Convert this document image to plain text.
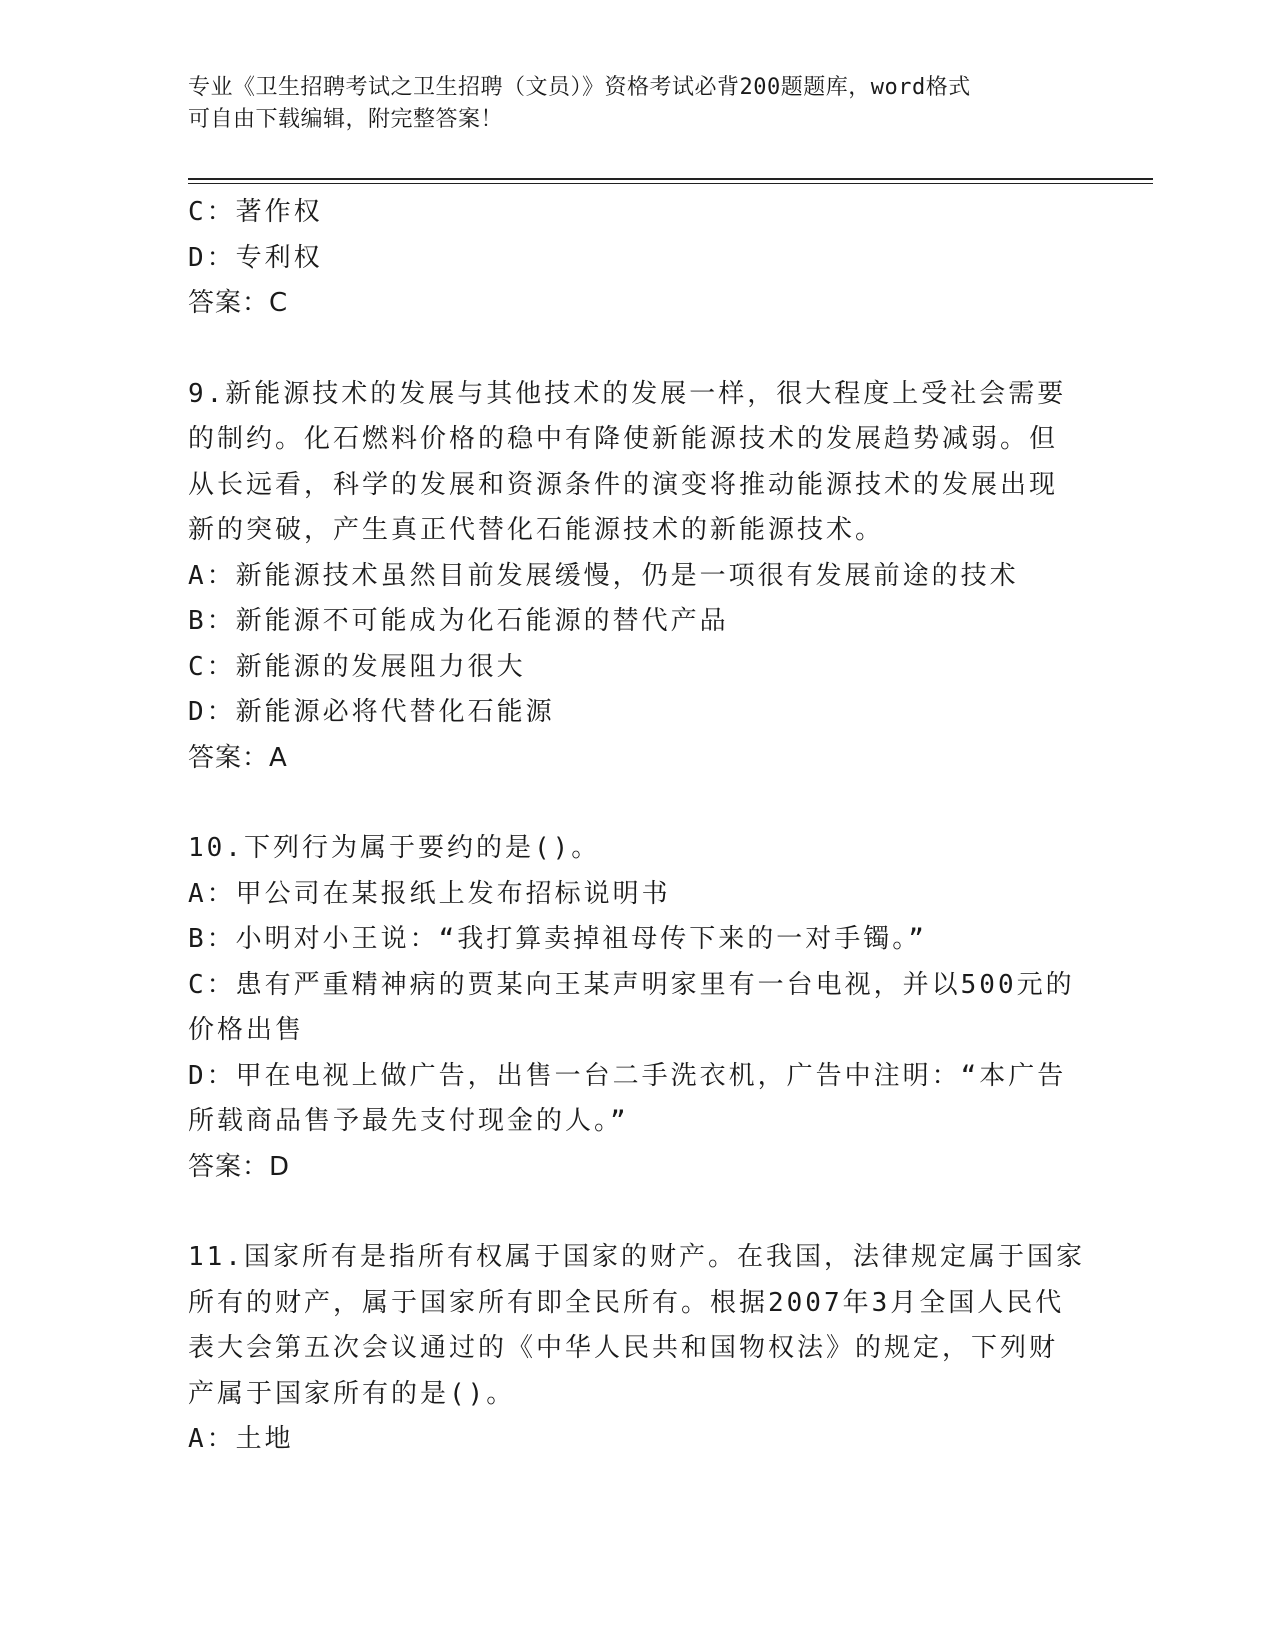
专业《卫生招聘考试之卫生招聘（文员）》资格考试必背200题题库，word格式
可自由下载编辑，附完整答案！
C：著作权
D：专利权
答案：C
9.新能源技术的发展与其他技术的发展一样，很大程度上受社会需要
的制约。化石燃料价格的稳中有降使新能源技术的发展趋势减弱。但
从长远看，科学的发展和资源条件的演变将推动能源技术的发展出现
新的突破，产生真正代替化石能源技术的新能源技术。
A：新能源技术虽然目前发展缓慢，仍是一项很有发展前途的技术
B：新能源不可能成为化石能源的替代产品
C：新能源的发展阻力很大
D：新能源必将代替化石能源
答案：A
10.下列行为属于要约的是()。
A：甲公司在某报纸上发布招标说明书
B：小明对小王说：“我打算卖掉祖母传下来的一对手镯。”
C：患有严重精神病的贾某向王某声明家里有一台电视，并以500元的
价格出售
D：甲在电视上做广告，出售一台二手洗衣机，广告中注明：“本广告
所载商品售予最先支付现金的人。”
答案：D
11.国家所有是指所有权属于国家的财产。在我国，法律规定属于国家
所有的财产，属于国家所有即全民所有。根据2007年3月全国人民代
表大会第五次会议通过的《中华人民共和国物权法》的规定，下列财
产属于国家所有的是()。
A：土地
